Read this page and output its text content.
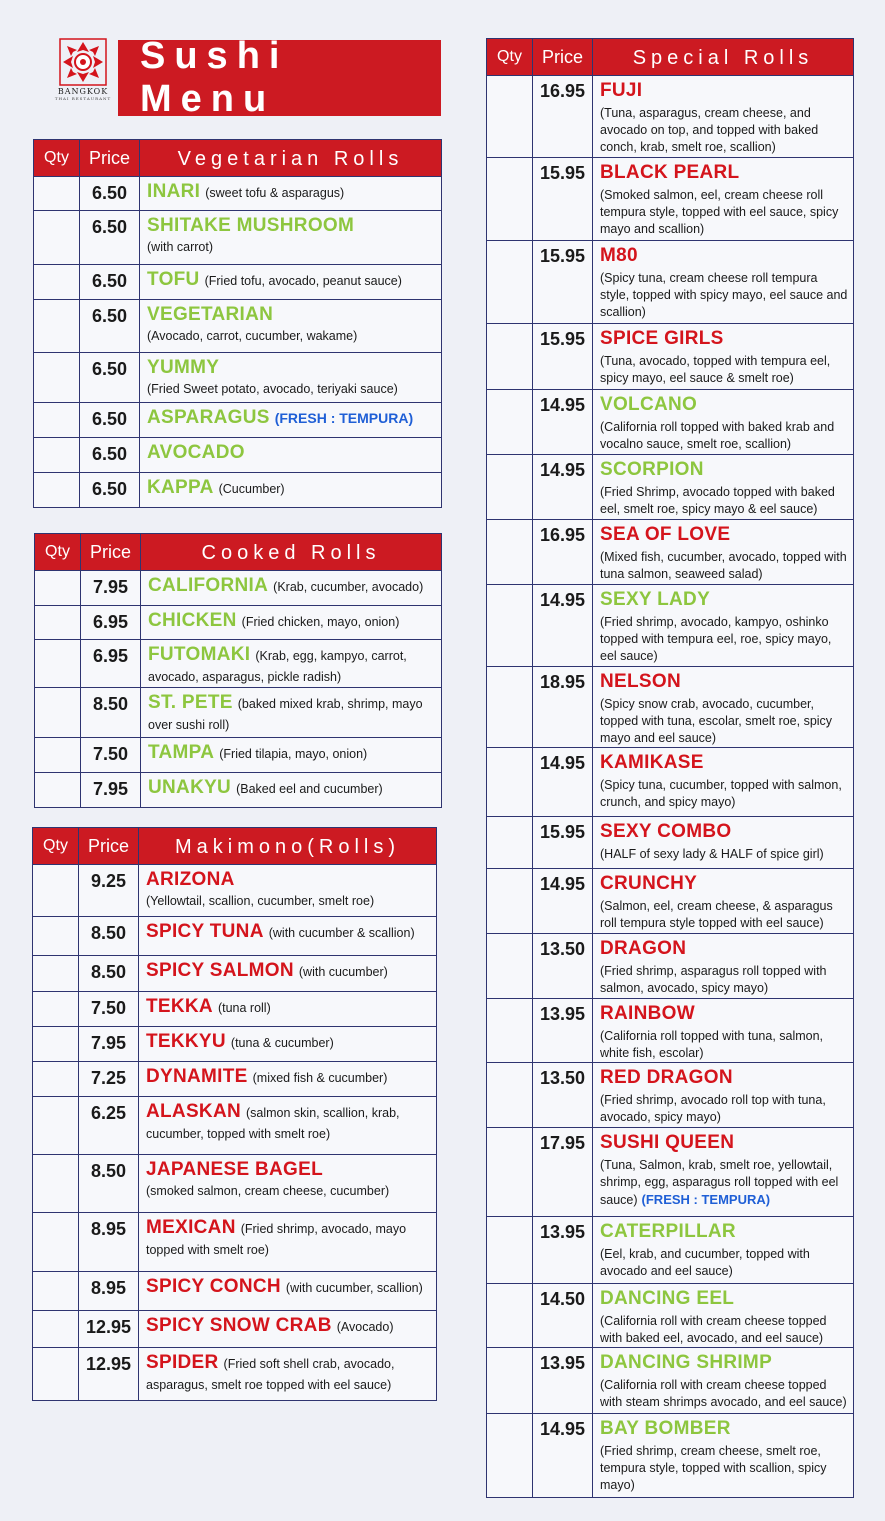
BANGKOK
THAI RESTAURANT
Sushi Menu
Qty	Price	Vegetarian Rolls
6.50	INARI (sweet tofu & asparagus)
6.50	SHITAKE MUSHROOM
(with carrot)
6.50	TOFU (Fried tofu, avocado, peanut sauce)
6.50	VEGETARIAN
(Avocado, carrot, cucumber, wakame)
6.50	YUMMY
(Fried Sweet potato, avocado, teriyaki sauce)
6.50	ASPARAGUS (FRESH : TEMPURA)
6.50	AVOCADO
6.50	KAPPA (Cucumber)
Qty	Price	Cooked Rolls
7.95	CALIFORNIA (Krab, cucumber, avocado)
6.95	CHICKEN (Fried chicken, mayo, onion)
6.95	FUTOMAKI (Krab, egg, kampyo, carrot, avocado, asparagus, pickle radish)
8.50	ST. PETE (baked mixed krab, shrimp, mayo over sushi roll)
7.50	TAMPA (Fried tilapia, mayo, onion)
7.95	UNAKYU (Baked eel and cucumber)
Qty	Price	Makimono(Rolls)
9.25	ARIZONA
(Yellowtail, scallion, cucumber, smelt roe)
8.50	SPICY TUNA (with cucumber & scallion)
8.50	SPICY SALMON (with cucumber)
7.50	TEKKA (tuna roll)
7.95	TEKKYU (tuna & cucumber)
7.25	DYNAMITE (mixed fish & cucumber)
6.25	ALASKAN (salmon skin, scallion, krab, cucumber, topped with smelt roe)
8.50	JAPANESE BAGEL
(smoked salmon, cream cheese, cucumber)
8.95	MEXICAN (Fried shrimp, avocado, mayo topped with smelt roe)
8.95	SPICY CONCH (with cucumber, scallion)
12.95 SPICY SNOW CRAB (Avocado)
12.95 SPIDER (Fried soft shell crab, avocado, asparagus, smelt roe topped with eel sauce)
Qty	Price	Special Rolls
16.95 FUJI
(Tuna, asparagus, cream cheese, and avocado on top, and topped with baked conch, krab, smelt roe, scallion)
15.95 BLACK PEARL
(Smoked salmon, eel, cream cheese roll tempura style, topped with eel sauce, spicy mayo and scallion)
15.95 M80
(Spicy tuna, cream cheese roll tempura style, topped with spicy mayo, eel sauce and scallion)
15.95 SPICE GIRLS
(Tuna, avocado, topped with tempura eel, spicy mayo, eel sauce & smelt roe)
14.95 VOLCANO
(California roll topped with baked krab and vocalno sauce, smelt roe, scallion)
14.95 SCORPION
(Fried Shrimp, avocado topped with baked eel, smelt roe, spicy mayo & eel sauce)
16.95 SEA OF LOVE
(Mixed fish, cucumber, avocado, topped with tuna salmon, seaweed salad)
14.95 SEXY LADY
(Fried shrimp, avocado, kampyo, oshinko topped with tempura eel, roe, spicy mayo, eel sauce)
18.95 NELSON
(Spicy snow crab, avocado, cucumber, topped with tuna, escolar, smelt roe, spicy mayo and eel sauce)
14.95 KAMIKASE
(Spicy tuna, cucumber, topped with salmon, crunch, and spicy mayo)
15.95 SEXY COMBO
(HALF of sexy lady & HALF of spice girl)
14.95 CRUNCHY
(Salmon, eel, cream cheese, & asparagus roll tempura style topped with eel sauce)
13.50 DRAGON
(Fried shrimp, asparagus roll topped with salmon, avocado, spicy mayo)
13.95 RAINBOW
(California roll topped with tuna, salmon, white fish, escolar)
13.50 RED DRAGON
(Fried shrimp, avocado roll top with tuna, avocado, spicy mayo)
17.95 SUSHI QUEEN
(Tuna, Salmon, krab, smelt roe, yellowtail, shrimp, egg, asparagus roll topped with eel sauce) (FRESH : TEMPURA)
13.95 CATERPILLAR
(Eel, krab, and cucumber, topped with avocado and eel sauce)
14.50 DANCING EEL
(California roll with cream cheese topped with baked eel, avocado, and eel sauce)
13.95 DANCING SHRIMP
(California roll with cream cheese topped with steam shrimps avocado, and eel sauce)
14.95 BAY BOMBER
(Fried shrimp, cream cheese, smelt roe, tempura style, topped with scallion, spicy mayo)
